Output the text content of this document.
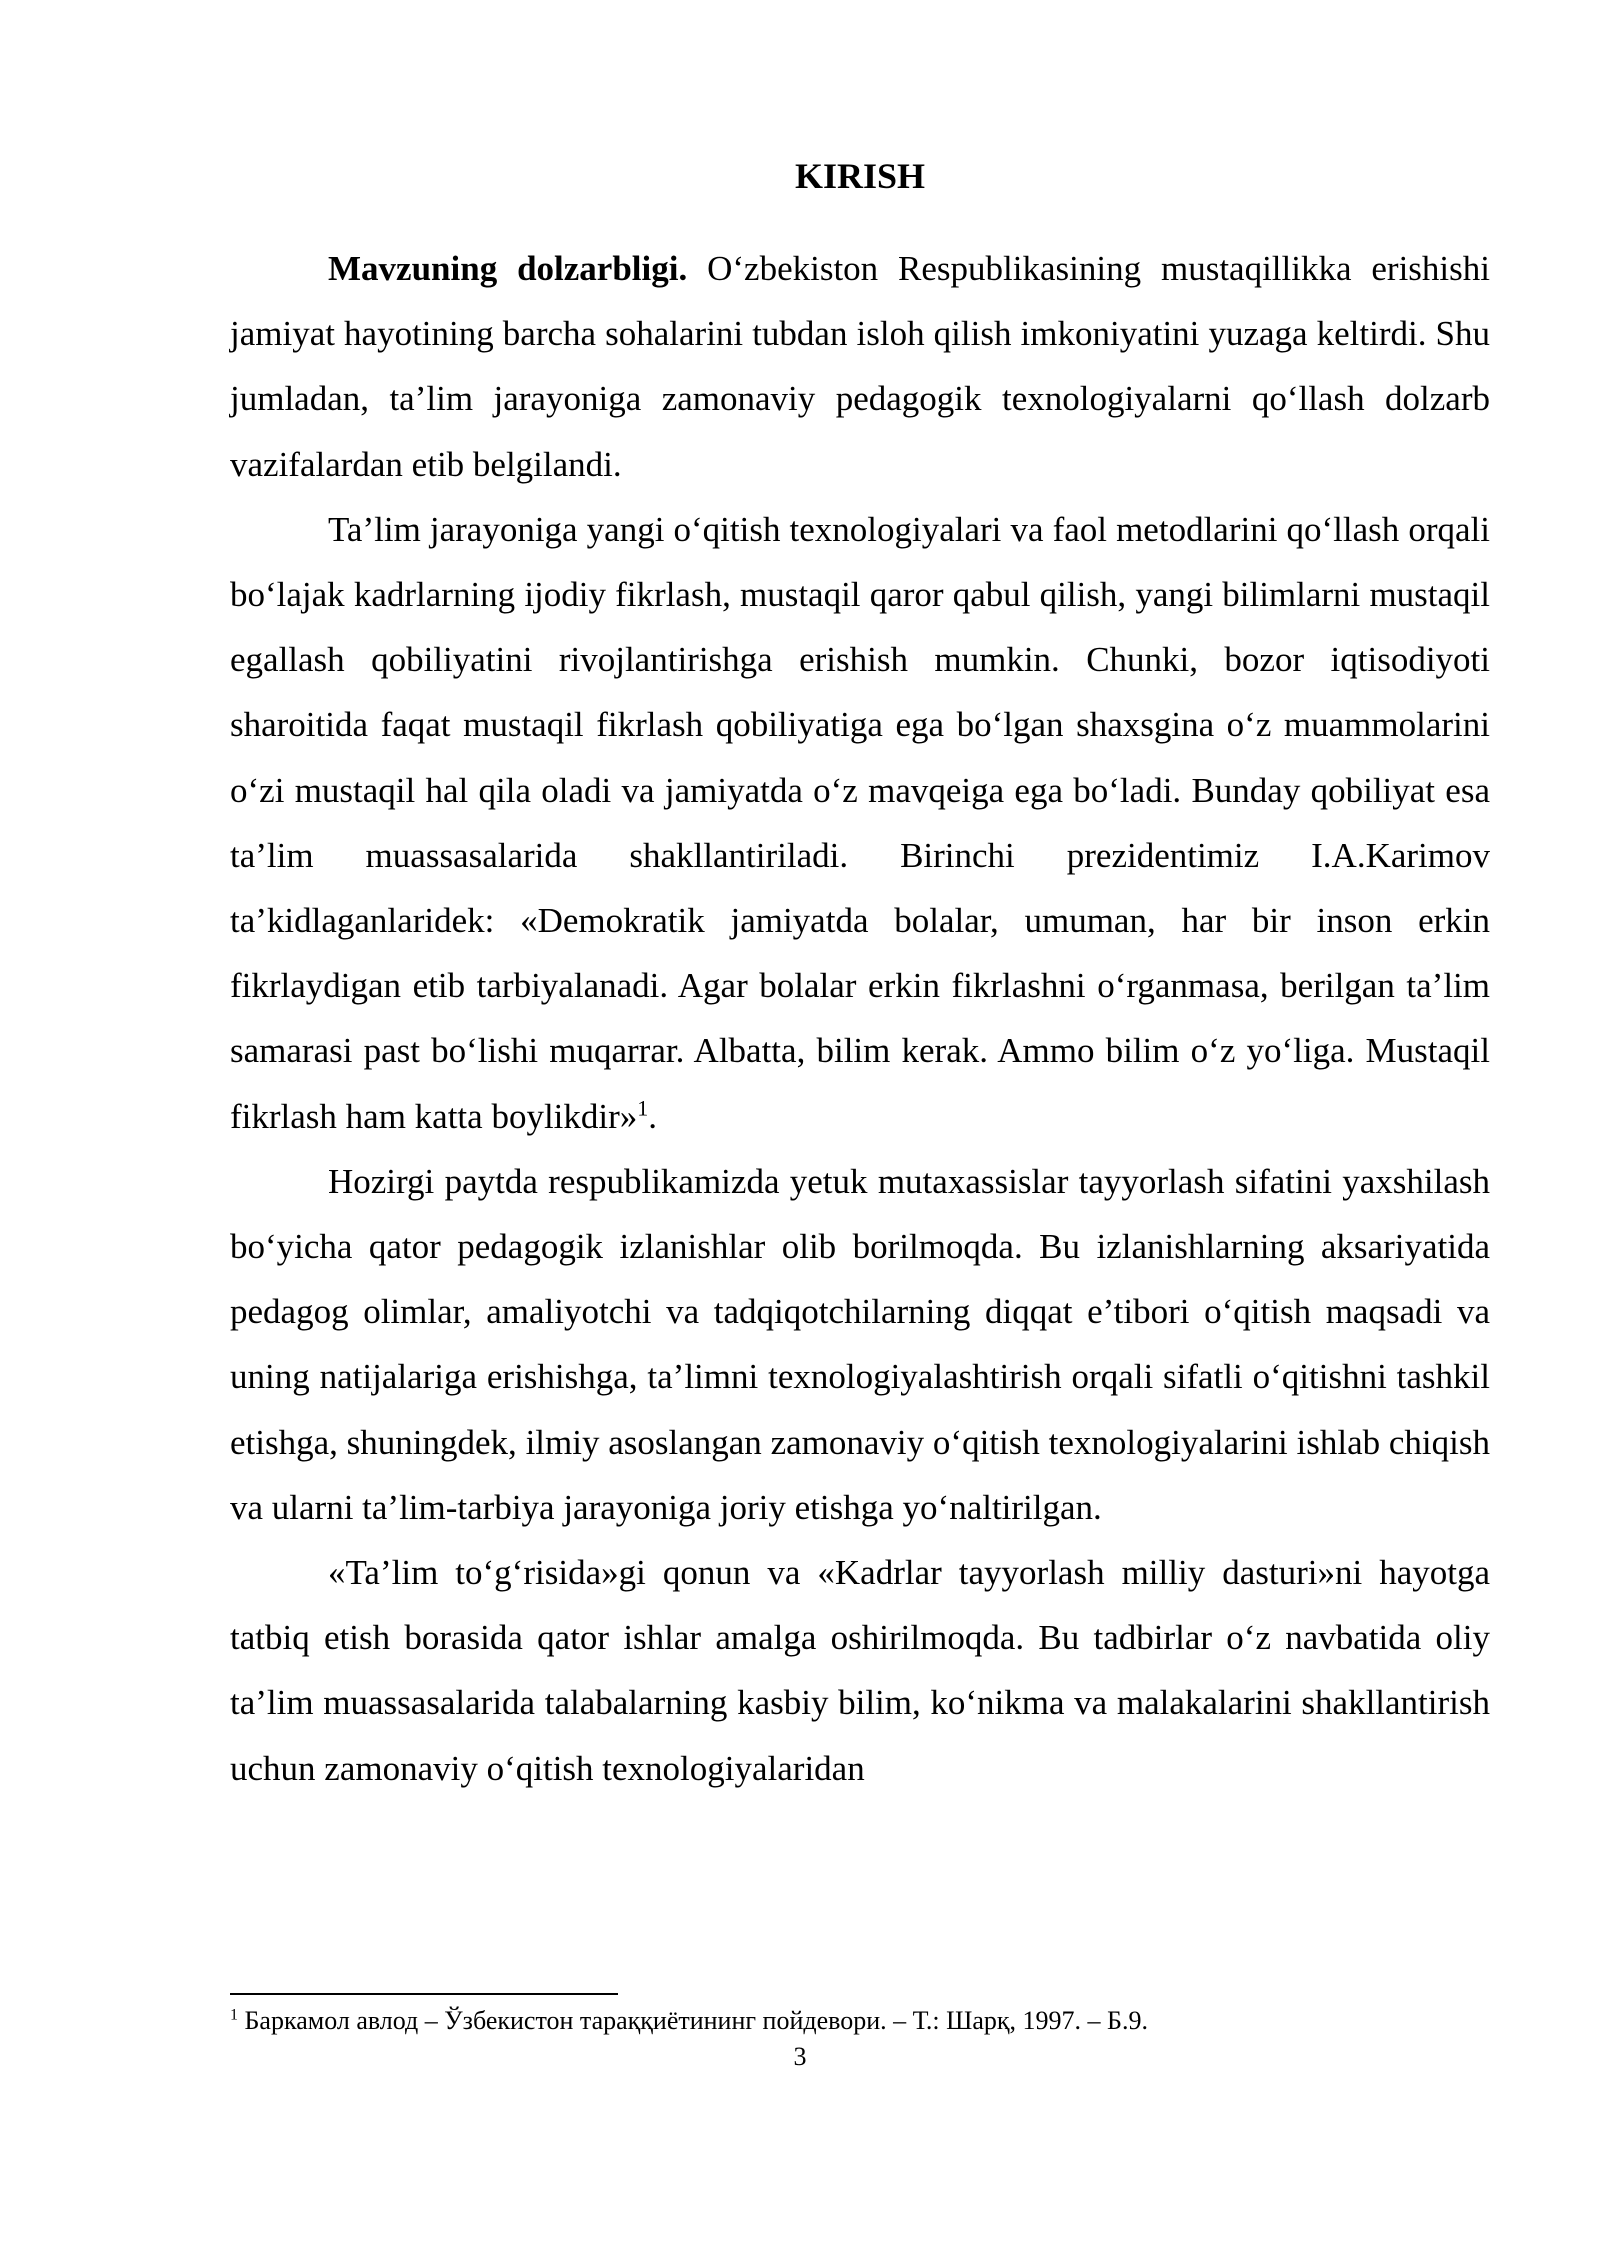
KIRISH

Mavzuning dolzarbligi. O‘zbekiston Respublikasining mustaqillikka erishishi jamiyat hayotining barcha sohalarini tubdan isloh qilish imkoniyatini yuzaga keltirdi. Shu jumladan, ta’lim jarayoniga zamonaviy pedagogik texnologiyalarni qo‘llash dolzarb vazifalardan etib belgilandi.

Ta’lim jarayoniga yangi o‘qitish texnologiyalari va faol metodlarini qo‘llash orqali bo‘lajak kadrlarning ijodiy fikrlash, mustaqil qaror qabul qilish, yangi bilimlarni mustaqil egallash qobiliyatini rivojlantirishga erishish mumkin. Chunki, bozor iqtisodiyoti sharoitida faqat mustaqil fikrlash qobiliyatiga ega bo‘lgan shaxsgina o‘z muammolarini o‘zi mustaqil hal qila oladi va jamiyatda o‘z mavqeiga ega bo‘ladi. Bunday qobiliyat esa ta’lim muassasalarida shakllantiriladi. Birinchi prezidentimiz I.A.Karimov ta’kidlaganlaridek: «Demokratik jamiyatda bolalar, umuman, har bir inson erkin fikrlaydigan etib tarbiyalanadi. Agar bolalar erkin fikrlashni o‘rganmasa, berilgan ta’lim samarasi past bo‘lishi muqarrar. Albatta, bilim kerak. Ammo bilim o‘z yo‘liga. Mustaqil fikrlash ham katta boylikdir»$^1$.

Hozirgi paytda respublikamizda yetuk mutaxassislar tayyorlash sifatini yaxshilash bo‘yicha qator pedagogik izlanishlar olib borilmoqda. Bu izlanishlarning aksariyatida pedagog olimlar, amaliyotchi va tadqiqotchilarning diqqat e’tibori o‘qitish maqsadi va uning natijalariga erishishga, ta’limni texnologiyalashtirish orqali sifatli o‘qitishni tashkil etishga, shuningdek, ilmiy asoslangan zamonaviy o‘qitish texnologiyalarini ishlab chiqish va ularni ta’lim-tarbiya jarayoniga joriy etishga yo‘naltirilgan.

«Ta’lim to‘g‘risida»gi qonun va «Kadrlar tayyorlash milliy dasturi»ni hayotga tatbiq etish borasida qator ishlar amalga oshirilmoqda. Bu tadbirlar o‘z navbatida oliy ta’lim muassasalarida talabalarning kasbiy bilim, ko‘nikma va malakalarini shakllantirish uchun zamonaviy o‘qitish texnologiyalaridan

$^1$ Баркамол авлод – Ўзбекистон тараққиётининг пойдевори. – Т.: Шарқ, 1997. – Б.9.

3
